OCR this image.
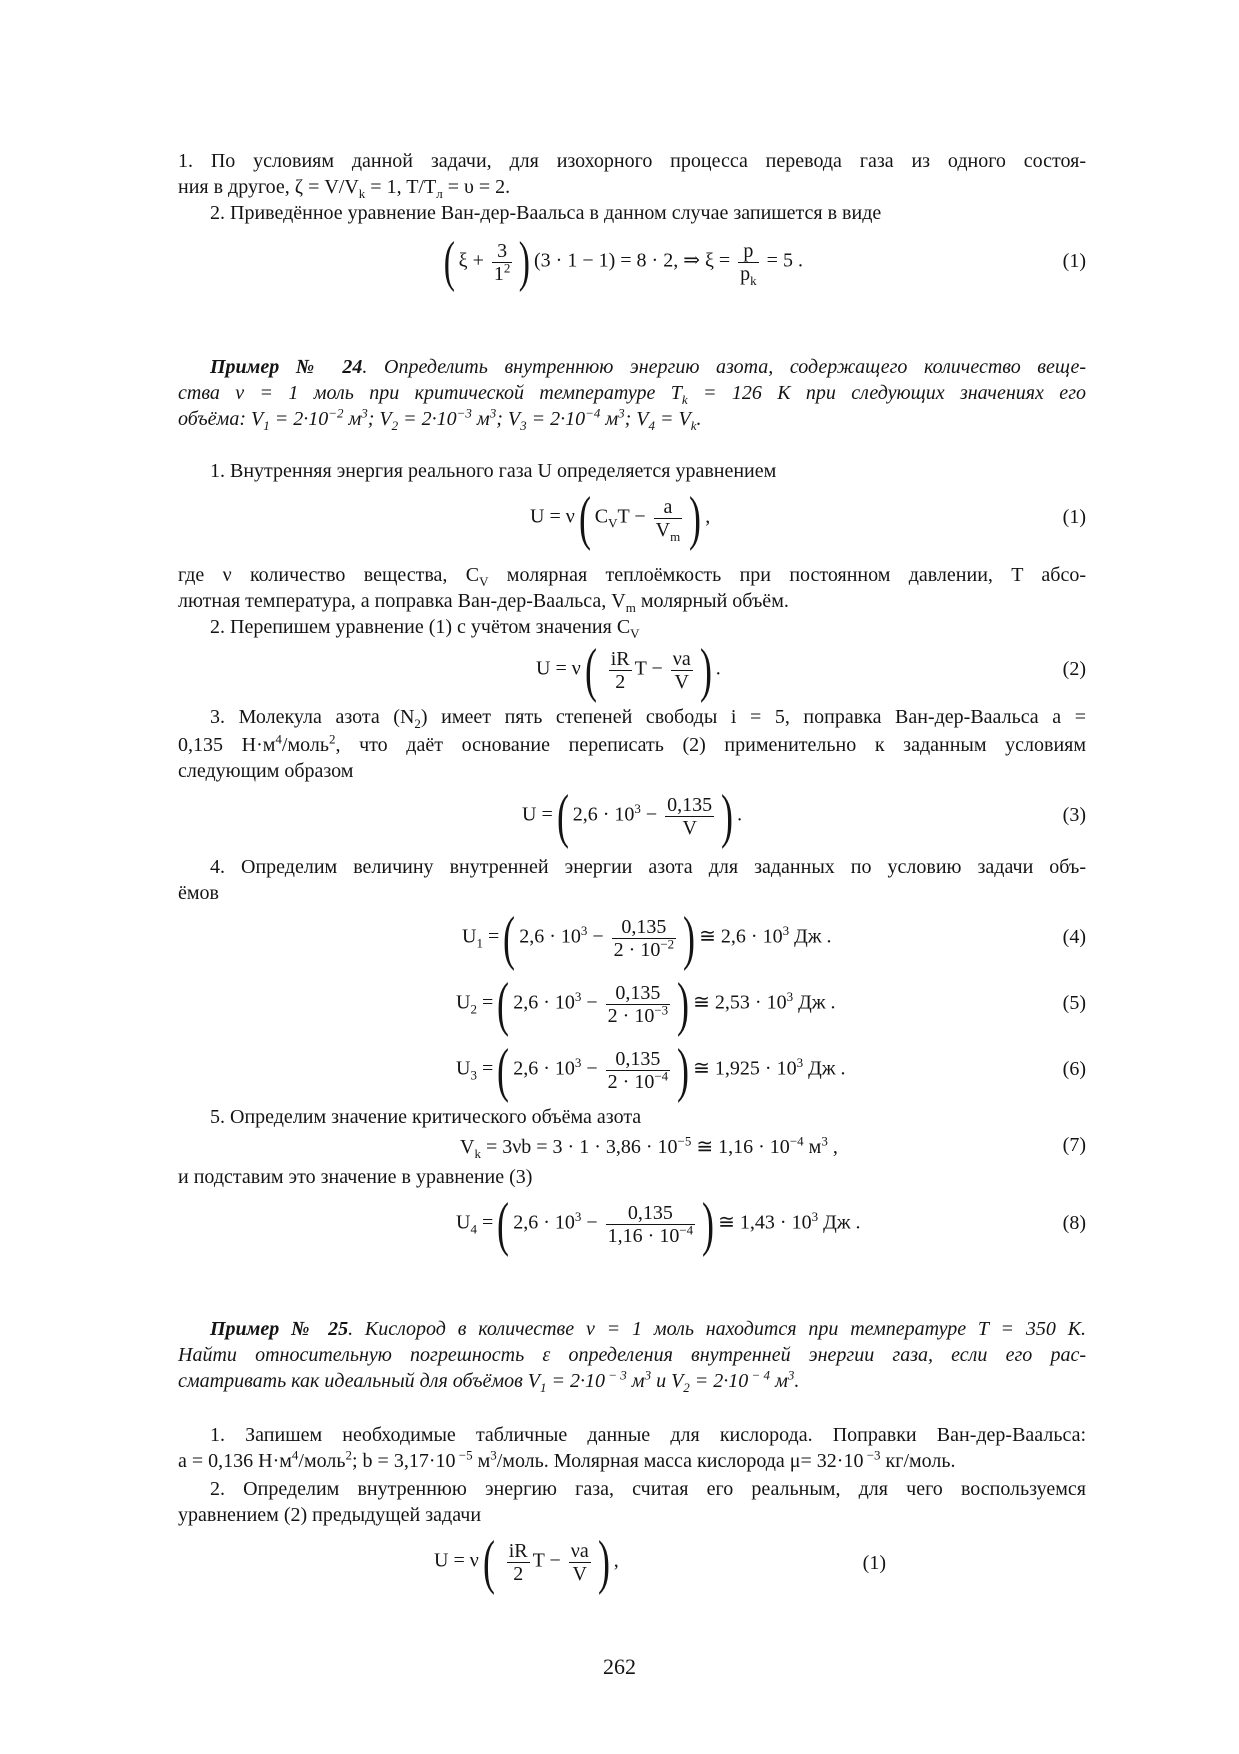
1. По условиям данной задачи, для изохорного процесса перевода газа из одного состоя-
ния в другое, $\zeta = V/V_k = 1$, $T/T_л = \upsilon = 2$.
2. Приведённое уравнение Ван-дер-Ваальса в данном случае запишется в виде
( $\xi + \frac{3}{1^2}$ ) (3 · 1 − 1) = 8 · 2, ⇒ $\xi = \frac{p}{p_k} = 5$ .	(1)
Пример № 24. Определить внутреннюю энергию азота, содержащего количество веще-
ства ν = 1 моль при критической температуре $T_k = 126$ К при следующих значениях его
объёма: $V_1 = 2\cdot 10^{-2}$ $м^3$; $V_2 = 2\cdot 10^{-3}$ $м^3$; $V_3 = 2\cdot 10^{-4}$ $м^3$; $V_4 = V_k$.
1. Внутренняя энергия реального газа U определяется уравнением
U = ν( $C_VT - \frac{a}{V_m}$ ) ,	(1)
где ν количество вещества, $C_V$ молярная теплоёмкость при постоянном давлении, T абсо-
лютная температура, a поправка Ван-дер-Ваальса, $V_m$ молярный объём.
2. Перепишем уравнение (1) с учётом значения $C_V$
$U = \nu( \frac{iR}{2}$ $T - \frac{\nu a}{V}$ ) .	(2)
3. Молекула азота $(N_2)$ имеет пять степеней свободы i = 5, поправка Ван-дер-Ваальса a =
0,135 $Н\cdot м^4/моль^2$, что даёт основание переписать (2) применительно к заданным условиям
следующим образом
U =( $2,6 \cdot 10^3 - \frac{0,135}{V}$ ) .	(3)
4. Определим величину внутренней энергии азота для заданных по условию задачи объ-
ёмов
$U_1$ =( $2,6 \cdot 10^3 - \frac{0,135}{2 \cdot 10^{-2}}$ ) ≅ $2,6 \cdot 10^3$ Дж .	(4)
$U_2$ =( $2,6 \cdot 10^3 - \frac{0,135}{2 \cdot 10^{-3}}$ ) ≅ $2,53 \cdot 10^3$ Дж .	(5)
$U_3$ =( $2,6 \cdot 10^3 - \frac{0,135}{2 \cdot 10^{-4}}$ ) ≅ $1,925 \cdot 10^3$ Дж .	(6)
5. Определим значение критического объёма азота
$V_k = 3\nu b = 3 \cdot 1 \cdot 3,86 \cdot 10^{-5}$ ≅ $1,16 \cdot 10^{-4}$ $м^3$ ,	(7)
и подставим это значение в уравнение (3)
$U_4$ =( $2,6 \cdot 10^3 - \frac{0,135}{1,16 \cdot 10^{-4}}$ ) ≅ $1,43 \cdot 10^3$ Дж .	(8)
Пример № 25. Кислород в количестве ν = 1 моль находится при температуре T = 350 К.
Найти относительную погрешность ε определения внутренней энергии газа, если его рас-
сматривать как идеальный для объёмов $V_1 = 2\cdot 10$ $^{- 3}$ $м^3$ и $V_2 = 2\cdot 10$ $^{- 4}$ $м^3$.
1. Запишем необходимые табличные данные для кислорода. Поправки Ван-дер-Ваальса:
a = 0,136 $Н\cdot м^4/моль^2$; b = 3,17·10 $^{-5}$ $м^3$/моль. Молярная масса кислорода μ= 32·10 $^{-3}$ кг/моль.
2. Определим внутреннюю энергию газа, считая его реальным, для чего воспользуемся
уравнением (2) предыдущей задачи
$U = \nu( \frac{iR}{2}$ $T - \frac{\nu a}{V}$ ) ,	(1)
262
